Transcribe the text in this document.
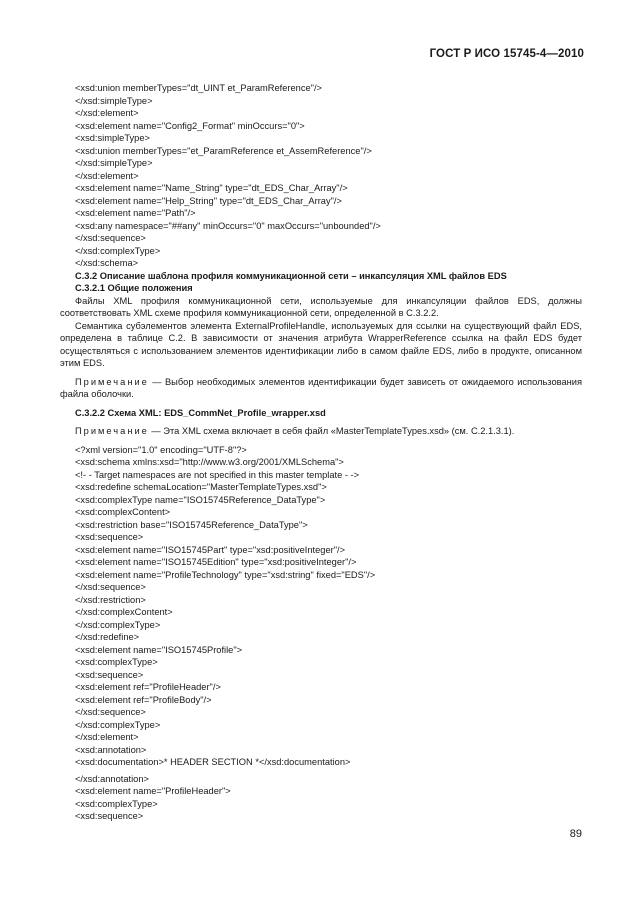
ГОСТ Р ИСО 15745-4—2010
<xsd:union memberTypes="dt_UINT et_ParamReference"/>
</xsd:simpleType>
</xsd:element>
<xsd:element name="Config2_Format" minOccurs="0">
<xsd:simpleType>
<xsd:union memberTypes="et_ParamReference et_AssemReference"/>
</xsd:simpleType>
</xsd:element>
<xsd:element name="Name_String" type="dt_EDS_Char_Array"/>
<xsd:element name="Help_String" type="dt_EDS_Char_Array"/>
<xsd:element name="Path"/>
<xsd:any namespace="##any" minOccurs="0" maxOccurs="unbounded"/>
</xsd:sequence>
</xsd:complexType>
</xsd:schema>
С.3.2 Описание шаблона профиля коммуникационной сети – инкапсуляция XML файлов EDS
С.3.2.1 Общие положения
Файлы XML профиля коммуникационной сети, используемые для инкапсуляции файлов EDS, должны соответствовать XML схеме профиля коммуникационной сети, определенной в С.3.2.2.
Семантика субэлементов элемента ExternalProfileHandle, используемых для ссылки на существующий файл EDS, определена в таблице С.2. В зависимости от значения атрибута WrapperReference ссылка на файл EDS будет осуществляться с использованием элементов идентификации либо в самом файле EDS, либо в продукте, описанном этим EDS.
Примечание — Выбор необходимых элементов идентификации будет зависеть от ожидаемого использования файла оболочки.
С.3.2.2 Схема XML: EDS_CommNet_Profile_wrapper.xsd
Примечание — Эта XML схема включает в себя файл «MasterTemplateTypes.xsd» (см. С.2.1.3.1).
<?xml version="1.0" encoding="UTF-8"?>
<xsd:schema xmlns:xsd="http://www.w3.org/2001/XMLSchema">
<!- - Target namespaces are not specified in this master template - ->
<xsd:redefine schemaLocation="MasterTemplateTypes.xsd">
<xsd:complexType name="ISO15745Reference_DataType">
<xsd:complexContent>
<xsd:restriction base="ISO15745Reference_DataType">
<xsd:sequence>
<xsd:element name="ISO15745Part" type="xsd:positiveInteger"/>
<xsd:element name="ISO15745Edition" type="xsd:positiveInteger"/>
<xsd:element name="ProfileTechnology" type="xsd:string" fixed="EDS"/>
</xsd:sequence>
</xsd:restriction>
</xsd:complexContent>
</xsd:complexType>
</xsd:redefine>
<xsd:element name="ISO15745Profile">
<xsd:complexType>
<xsd:sequence>
<xsd:element ref="ProfileHeader"/>
<xsd:element ref="ProfileBody"/>
</xsd:sequence>
</xsd:complexType>
</xsd:element>
<xsd:annotation>
<xsd:documentation>* HEADER SECTION *</xsd:documentation>
</xsd:annotation>
<xsd:element name="ProfileHeader">
<xsd:complexType>
<xsd:sequence>
89
